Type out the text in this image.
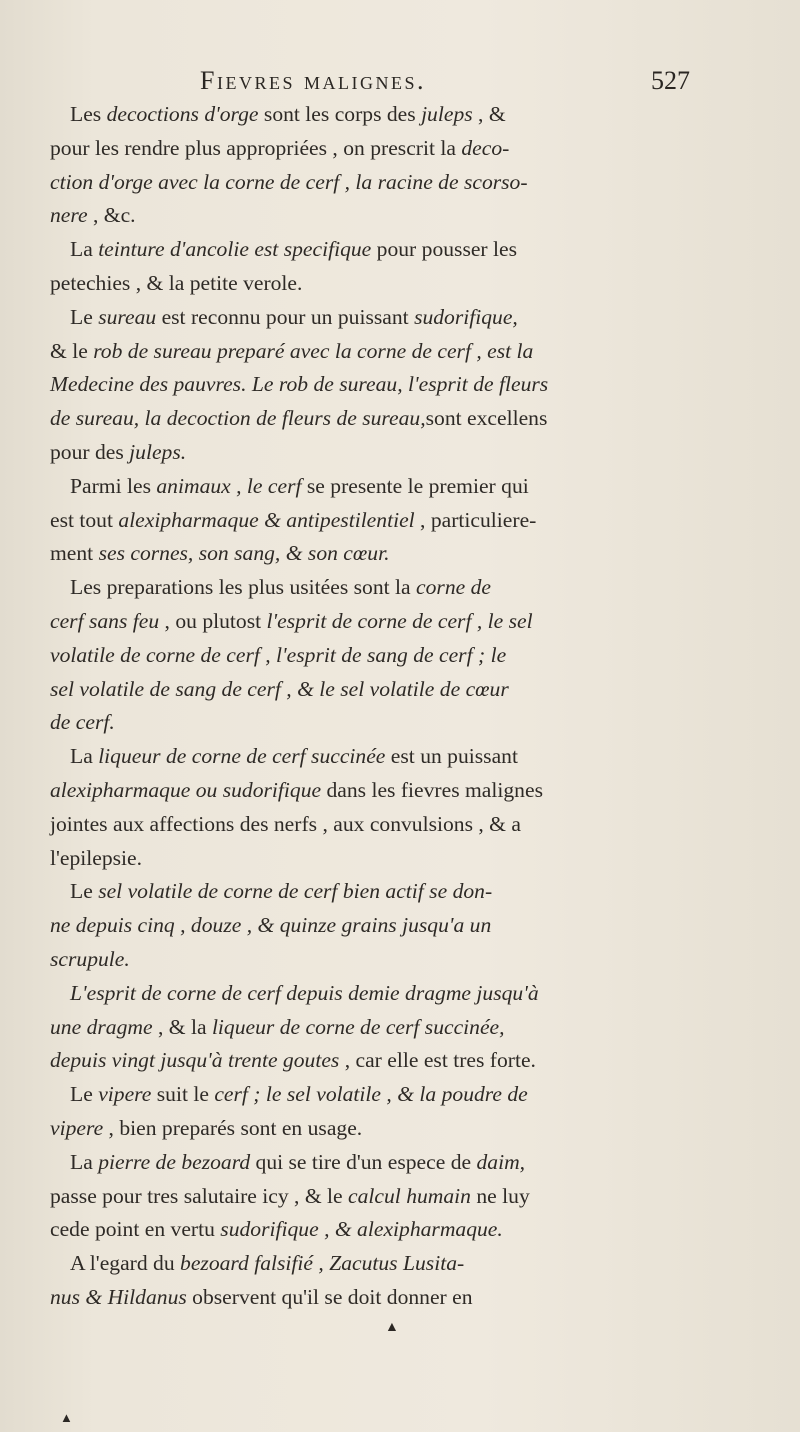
Fievres malignes.	527

Les decoctions d'orge sont les corps des juleps , &

pour les rendre plus appropriées , on prescrit la deco-

ction d'orge avec la corne de cerf , la racine de scorso-

nere , &c.

La teinture d'ancolie est specifique pour pousser les

petechies , & la petite verole.

Le sureau est reconnu pour un puissant sudorifique,

& le rob de sureau preparé avec la corne de cerf , est la

Medecine des pauvres. Le rob de sureau, l'esprit de fleurs

de sureau, la decoction de fleurs de sureau,sont excellens

pour des juleps.

Parmi les animaux , le cerf se presente le premier qui

est tout alexipharmaque & antipestilentiel , particuliere-

ment ses cornes, son sang, & son cœur.

Les preparations les plus usitées sont la corne de

cerf sans feu , ou plutost l'esprit de corne de cerf , le sel

volatile de corne de cerf , l'esprit de sang de cerf ; le

sel volatile de sang de cerf , & le sel volatile de cœur

de cerf.

La liqueur de corne de cerf succinée est un puissant

alexipharmaque ou sudorifique dans les fievres malignes

jointes aux affections des nerfs , aux convulsions , & a

l'epilepsie.

Le sel volatile de corne de cerf bien actif se don-

ne depuis cinq , douze , & quinze grains jusqu'a un

scrupule.

L'esprit de corne de cerf depuis demie dragme jusqu'à

une dragme , & la liqueur de corne de cerf succinée,

depuis vingt jusqu'à trente goutes , car elle est tres forte.

Le vipere suit le cerf ; le sel volatile , & la poudre de

vipere , bien preparés sont en usage.

La pierre de bezoard qui se tire d'un espece de daim,

passe pour tres salutaire icy , & le calcul humain ne luy

cede point en vertu sudorifique , & alexipharmaque.

A l'egard du bezoard falsifié , Zacutus Lusita-

nus & Hildanus observent qu'il se doit donner en

▲
▲
